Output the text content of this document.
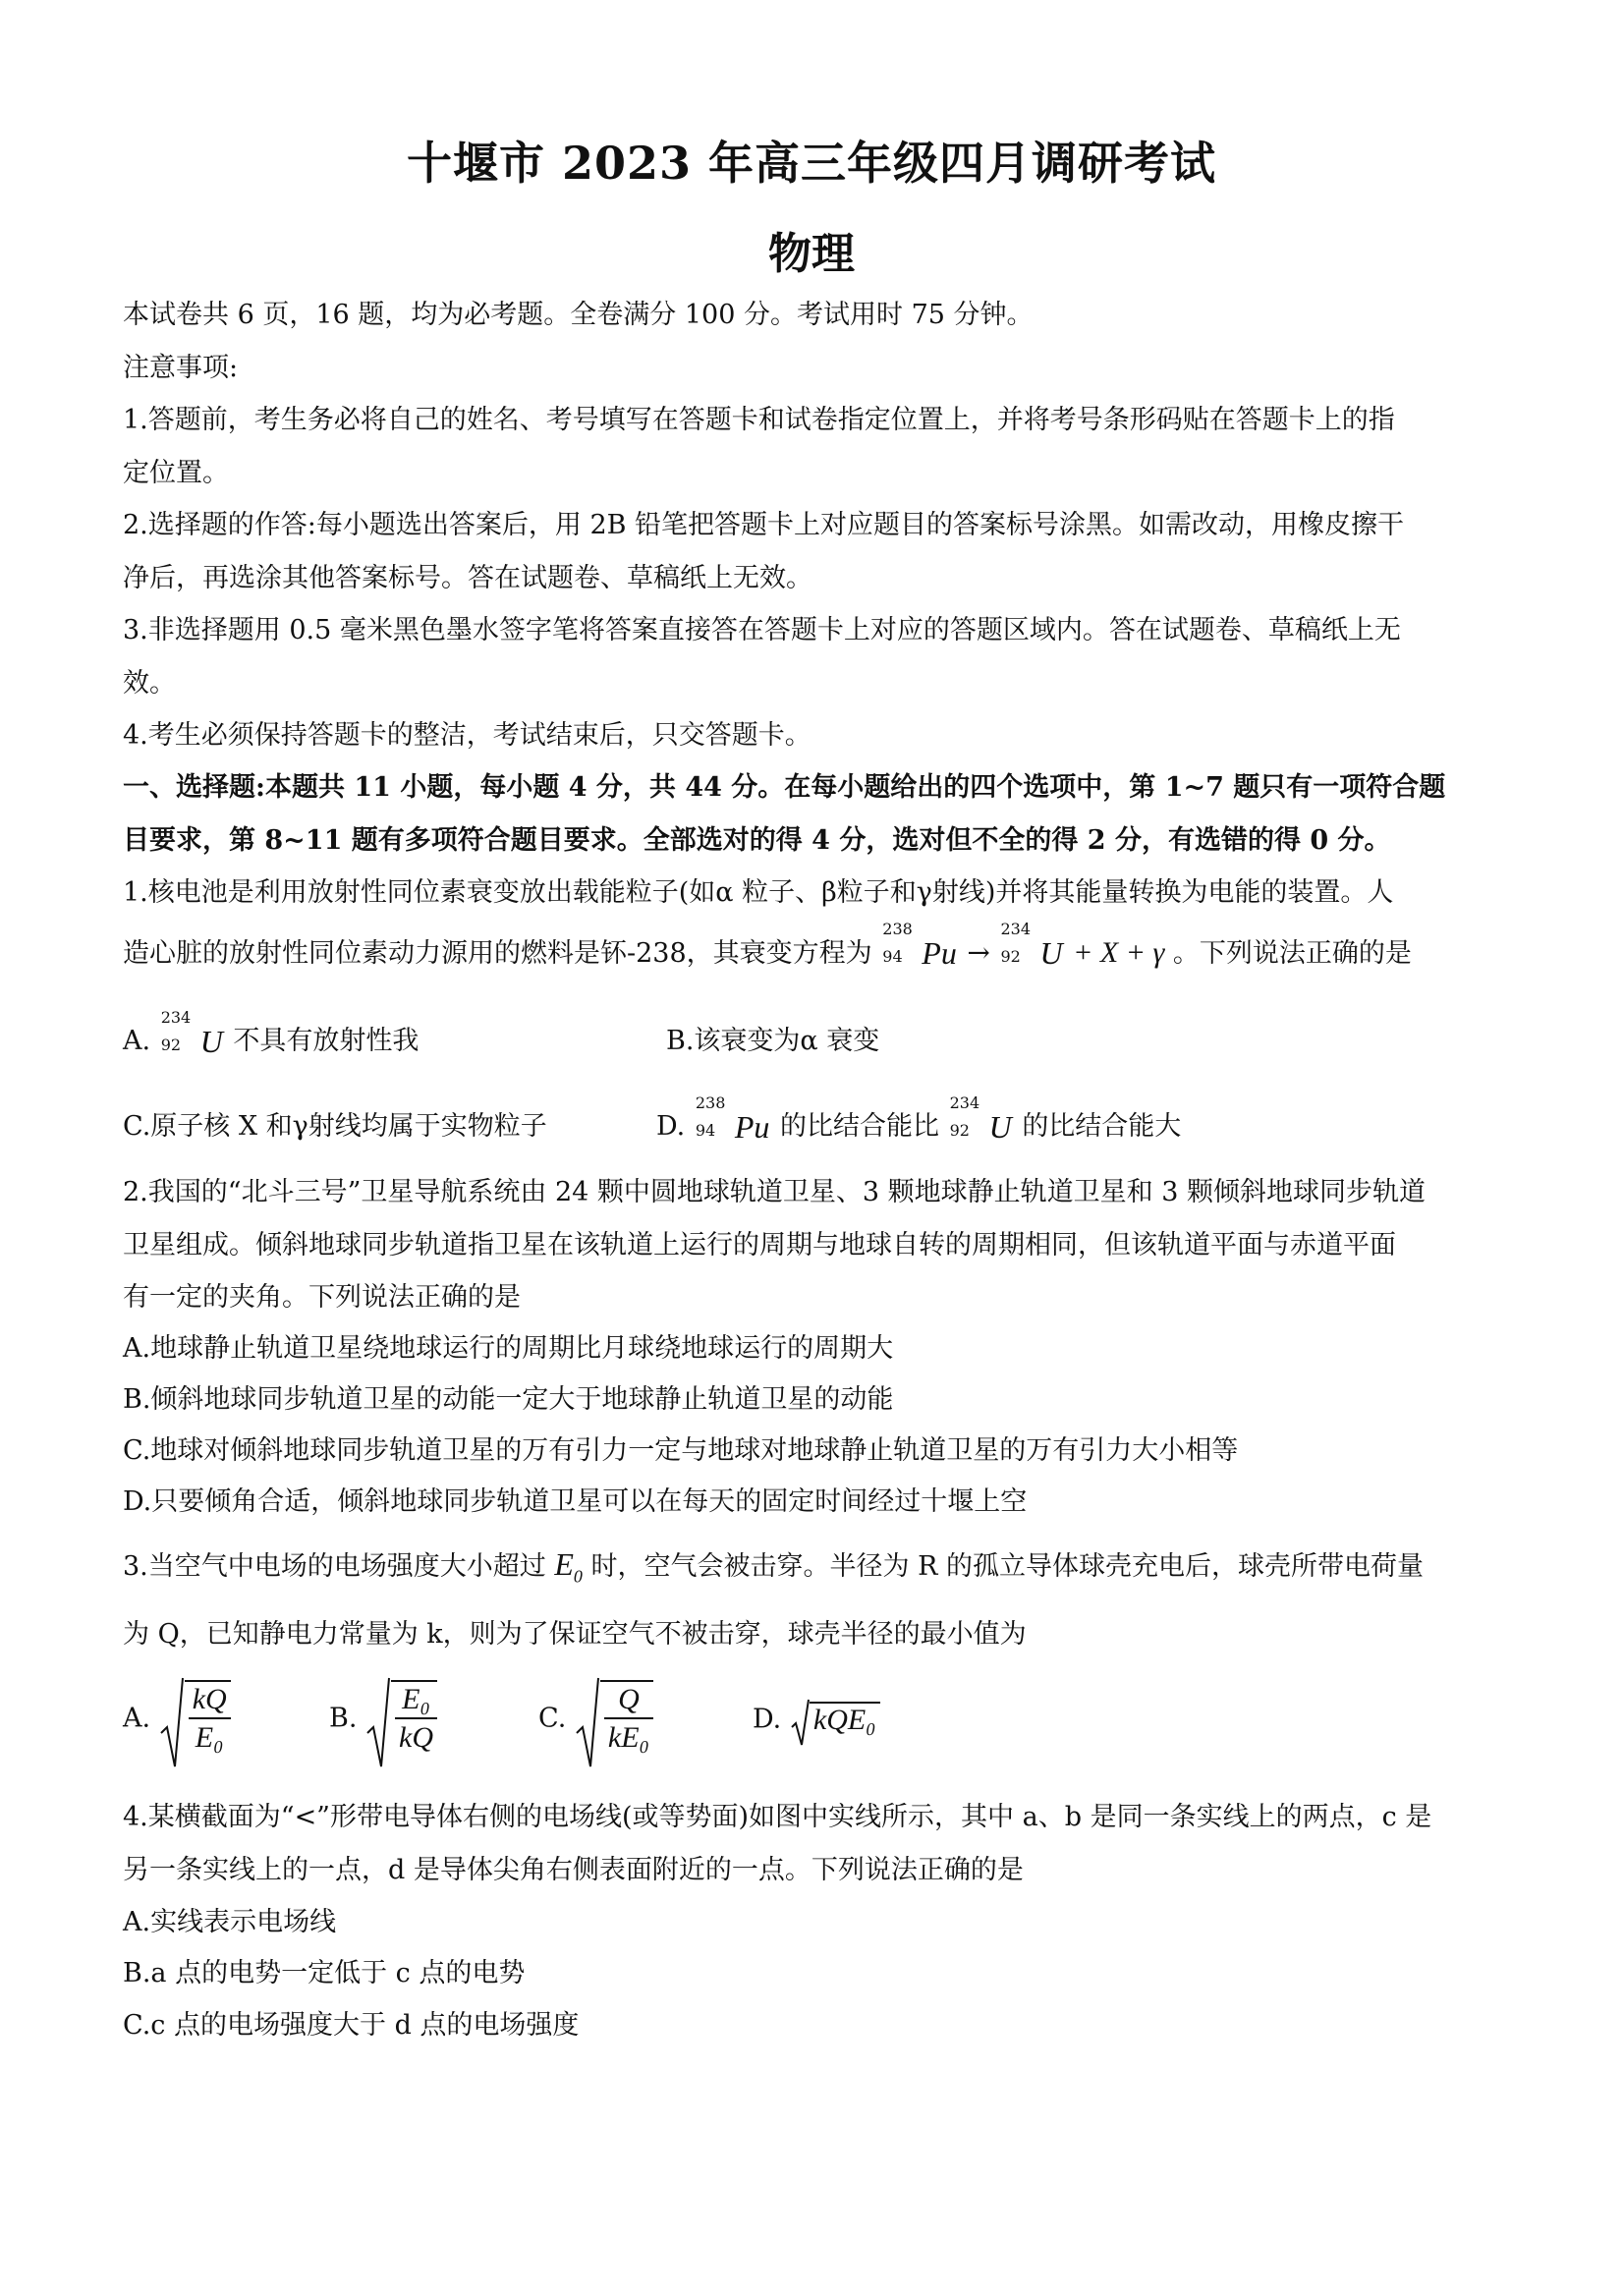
十堰市 2023 年高三年级四月调研考试
物理
本试卷共 6 页，16 题，均为必考题。全卷满分 100 分。考试用时 75 分钟。
注意事项:
1.答题前，考生务必将自己的姓名、考号填写在答题卡和试卷指定位置上，并将考号条形码贴在答题卡上的指
定位置。
2.选择题的作答:每小题选出答案后，用 2B 铅笔把答题卡上对应题目的答案标号涂黑。如需改动，用橡皮擦干
净后，再选涂其他答案标号。答在试题卷、草稿纸上无效。
3.非选择题用 0.5 毫米黑色墨水签字笔将答案直接答在答题卡上对应的答题区域内。答在试题卷、草稿纸上无
效。
4.考生必须保持答题卡的整洁，考试结束后，只交答题卡。
一、选择题:本题共 11 小题，每小题 4 分，共 44 分。在每小题给出的四个选项中，第 1~7 题只有一项符合题
目要求，第 8~11 题有多项符合题目要求。全部选对的得 4 分，选对但不全的得 2 分，有选错的得 0 分。
1.核电池是利用放射性同位素衰变放出载能粒子(如α 粒子、β粒子和γ射线)并将其能量转换为电能的装置。人
造心脏的放射性同位素动力源用的燃料是钚-238，其衰变方程为
238
94 Pu →
234
92 U + X + γ 。下列说法正确的是
A.
234
92 U 不具有放射性我	B.该衰变为α 衰变
C.原子核 X 和γ射线均属于实物粒子	D.
238
94 Pu 的比结合能比
234
92 U 的比结合能大
2.我国的“北斗三号”卫星导航系统由 24 颗中圆地球轨道卫星、3 颗地球静止轨道卫星和 3 颗倾斜地球同步轨道
卫星组成。倾斜地球同步轨道指卫星在该轨道上运行的周期与地球自转的周期相同，但该轨道平面与赤道平面
有一定的夹角。下列说法正确的是
A.地球静止轨道卫星绕地球运行的周期比月球绕地球运行的周期大
B.倾斜地球同步轨道卫星的动能一定大于地球静止轨道卫星的动能
C.地球对倾斜地球同步轨道卫星的万有引力一定与地球对地球静止轨道卫星的万有引力大小相等
D.只要倾角合适，倾斜地球同步轨道卫星可以在每天的固定时间经过十堰上空
3.当空气中电场的电场强度大小超过 $E_0$ 时，空气会被击穿。半径为 R 的孤立导体球壳充电后，球壳所带电荷量
为 Q，已知静电力常量为 k，则为了保证空气不被击穿，球壳半径的最小值为
A. $\frac{kQ}{\text{E₀}}$	B. $\frac{\text{E₀}}{kQ}$	C. $\frac{Q}{\text{kE₀}}$	D. kQE₀
4.某横截面为“<”形带电导体右侧的电场线(或等势面)如图中实线所示，其中 a、b 是同一条实线上的两点，c 是
另一条实线上的一点，d 是导体尖角右侧表面附近的一点。下列说法正确的是
A.实线表示电场线
B.a 点的电势一定低于 c 点的电势
C.c 点的电场强度大于 d 点的电场强度
